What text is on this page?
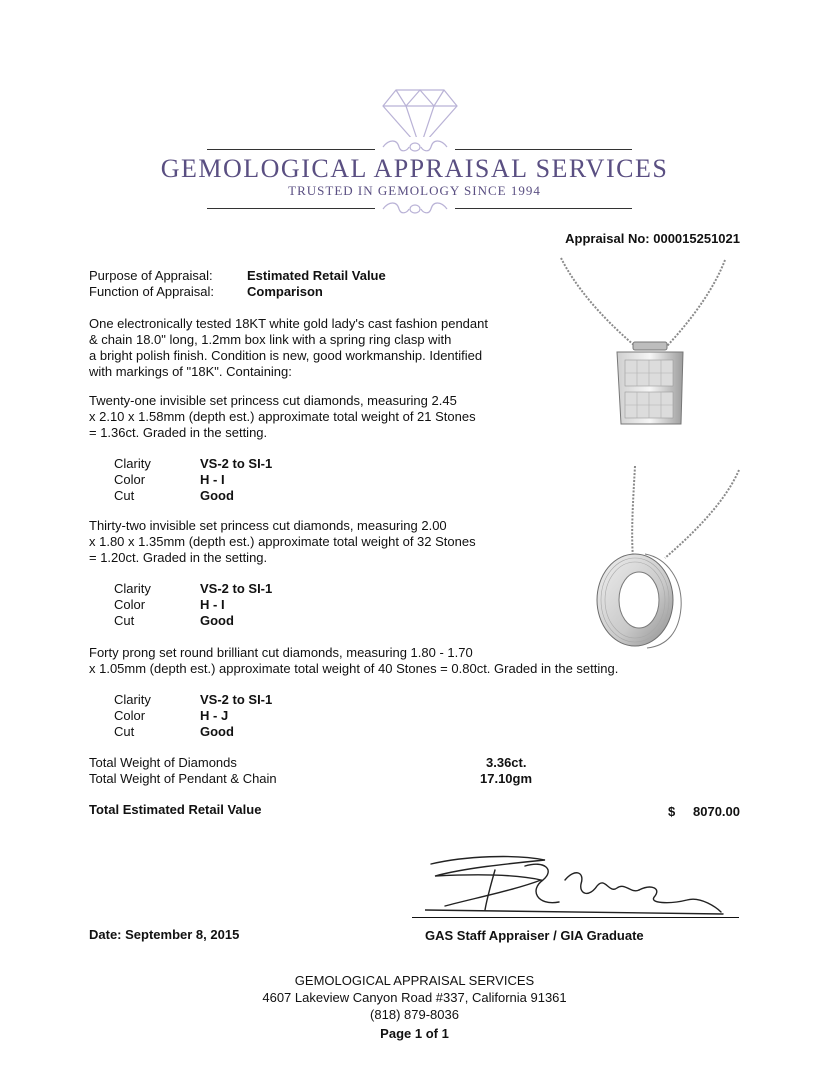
GEMOLOGICAL APPRAISAL SERVICES
TRUSTED IN GEMOLOGY SINCE 1994
Appraisal No: 000015251021
Purpose of Appraisal:	Estimated Retail Value
Function of Appraisal:	Comparison
One electronically tested 18KT white gold lady's cast fashion pendant
& chain 18.0" long, 1.2mm box link with a spring ring clasp with
a bright polish finish. Condition is new, good workmanship. Identified
with markings of "18K". Containing:
Twenty-one invisible set princess cut diamonds, measuring 2.45
x 2.10 x 1.58mm (depth est.) approximate total weight of 21 Stones
= 1.36ct. Graded in the setting.
Clarity	VS-2 to SI-1
Color	H - I
Cut	Good
Thirty-two invisible set princess cut diamonds, measuring 2.00
x 1.80 x 1.35mm (depth est.) approximate total weight of 32 Stones
= 1.20ct. Graded in the setting.
Clarity	VS-2 to SI-1
Color	H - I
Cut	Good
Forty prong set round brilliant cut diamonds, measuring 1.80 - 1.70
x 1.05mm (depth est.) approximate total weight of 40 Stones = 0.80ct. Graded in the setting.
Clarity	VS-2 to SI-1
Color	H - J
Cut	Good
Total Weight of Diamonds	3.36ct.
Total Weight of Pendant & Chain	17.10gm
Total Estimated Retail Value	$ 8070.00
Date: September 8, 2015	GAS Staff Appraiser / GIA Graduate
GEMOLOGICAL APPRAISAL SERVICES
4607 Lakeview Canyon Road #337, California 91361
(818) 879-8036
Page 1 of 1
